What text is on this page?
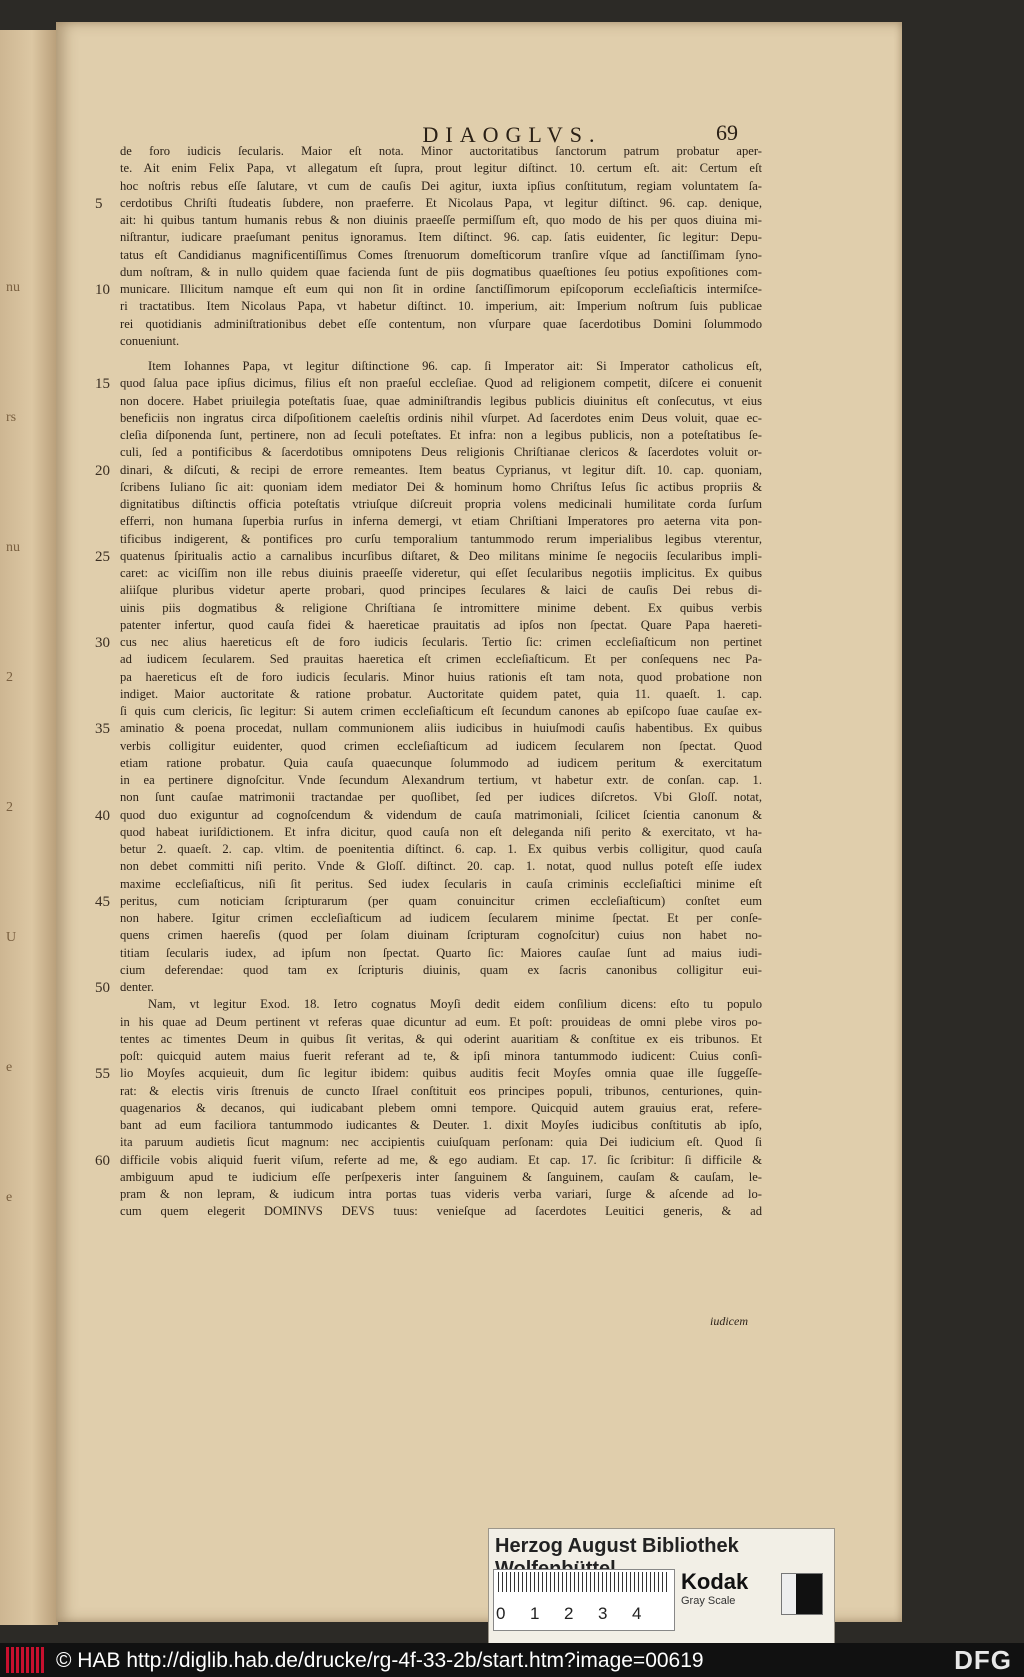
nu
rs
nu
2
2
U
e
e
DIAOGLVS.	69
de foro iudicis ſecularis. Maior eſt nota. Minor auctoritatibus ſanctorum patrum probatur aper-
te. Ait enim Felix Papa, vt allegatum eſt ſupra, prout legitur diſtinct. 10. certum eſt. ait: Certum eſt
hoc noſtris rebus eſſe ſalutare, vt cum de cauſis Dei agitur, iuxta ipſius conſtitutum, regiam voluntatem ſa-
cerdotibus Chriſti ſtudeatis ſubdere, non praeferre. Et Nicolaus Papa, vt legitur diſtinct. 96. cap. denique,
ait: hi quibus tantum humanis rebus & non diuinis praeeſſe permiſſum eſt, quo modo de his per quos diuina mi-
niſtrantur, iudicare praeſumant penitus ignoramus. Item diſtinct. 96. cap. ſatis euidenter, ſic legitur: Depu-
tatus eſt Candidianus magnificentiſſimus Comes ſtrenuorum domeſticorum tranſire vſque ad ſanctiſſimam ſyno-
dum noſtram, & in nullo quidem quae facienda ſunt de piis dogmatibus quaeſtiones ſeu potius expoſitiones com-
municare. Illicitum namque eſt eum qui non ſit in ordine ſanctiſſimorum epiſcoporum eccleſiaſticis intermiſce-
ri tractatibus. Item Nicolaus Papa, vt habetur diſtinct. 10. imperium, ait: Imperium noſtrum ſuis publicae
rei quotidianis adminiſtrationibus debet eſſe contentum, non vſurpare quae ſacerdotibus Domini ſolummodo
conueniunt.
Item Iohannes Papa, vt legitur diſtinctione 96. cap. ſi Imperator ait: Si Imperator catholicus eſt,
quod ſalua pace ipſius dicimus, filius eſt non praeſul eccleſiae. Quod ad religionem competit, diſcere ei conuenit
non docere. Habet priuilegia poteſtatis ſuae, quae adminiſtrandis legibus publicis diuinitus eſt conſecutus, vt eius
beneficiis non ingratus circa diſpoſitionem caeleſtis ordinis nihil vſurpet. Ad ſacerdotes enim Deus voluit, quae ec-
cleſia diſponenda ſunt, pertinere, non ad ſeculi poteſtates. Et infra: non a legibus publicis, non a poteſtatibus ſe-
culi, ſed a pontificibus & ſacerdotibus omnipotens Deus religionis Chriſtianae clericos & ſacerdotes voluit or-
dinari, & diſcuti, & recipi de errore remeantes. Item beatus Cyprianus, vt legitur diſt. 10. cap. quoniam,
ſcribens Iuliano ſic ait: quoniam idem mediator Dei & hominum homo Chriſtus Ieſus ſic actibus propriis &
dignitatibus diſtinctis officia poteſtatis vtriuſque diſcreuit propria volens medicinali humilitate corda ſurſum
efferri, non humana ſuperbia rurſus in inferna demergi, vt etiam Chriſtiani Imperatores pro aeterna vita pon-
tificibus indigerent, & pontifices pro curſu temporalium tantummodo rerum imperialibus legibus vterentur,
quatenus ſpiritualis actio a carnalibus incurſibus diſtaret, & Deo militans minime ſe negociis ſecularibus impli-
caret: ac viciſſim non ille rebus diuinis praeeſſe videretur, qui eſſet ſecularibus negotiis implicitus. Ex quibus
aliiſque pluribus videtur aperte probari, quod principes ſeculares & laici de cauſis Dei rebus di-
uinis piis dogmatibus & religione Chriſtiana ſe intromittere minime debent. Ex quibus verbis
patenter infertur, quod cauſa fidei & haereticae prauitatis ad ipſos non ſpectat. Quare Papa haereti-
cus nec alius haereticus eſt de foro iudicis ſecularis. Tertio ſic: crimen eccleſiaſticum non pertinet
ad iudicem ſecularem. Sed prauitas haeretica eſt crimen eccleſiaſticum. Et per conſequens nec Pa-
pa haereticus eſt de foro iudicis ſecularis. Minor huius rationis eſt tam nota, quod probatione non
indiget. Maior auctoritate & ratione probatur. Auctoritate quidem patet, quia 11. quaeſt. 1. cap.
ſi quis cum clericis, ſic legitur: Si autem crimen eccleſiaſticum eſt ſecundum canones ab epiſcopo ſuae cauſae ex-
aminatio & poena procedat, nullam communionem aliis iudicibus in huiuſmodi cauſis habentibus. Ex quibus
verbis colligitur euidenter, quod crimen eccleſiaſticum ad iudicem ſecularem non ſpectat. Quod
etiam ratione probatur. Quia cauſa quaecunque ſolummodo ad iudicem peritum & exercitatum
in ea pertinere dignoſcitur. Vnde ſecundum Alexandrum tertium, vt habetur extr. de conſan. cap. 1.
non ſunt cauſae matrimonii tractandae per quoſlibet, ſed per iudices diſcretos. Vbi Gloſſ. notat,
quod duo exiguntur ad cognoſcendum & videndum de cauſa matrimoniali, ſcilicet ſcientia canonum &
quod habeat iuriſdictionem. Et infra dicitur, quod cauſa non eſt deleganda niſi perito & exercitato, vt ha-
betur 2. quaeſt. 2. cap. vltim. de poenitentia diſtinct. 6. cap. 1. Ex quibus verbis colligitur, quod cauſa
non debet committi niſi perito. Vnde & Gloſſ. diſtinct. 20. cap. 1. notat, quod nullus poteſt eſſe iudex
maxime eccleſiaſticus, niſi ſit peritus. Sed iudex ſecularis in cauſa criminis eccleſiaſtici minime eſt
peritus, cum noticiam ſcripturarum (per quam conuincitur crimen eccleſiaſticum) conſtet eum
non habere. Igitur crimen eccleſiaſticum ad iudicem ſecularem minime ſpectat. Et per conſe-
quens crimen haereſis (quod per ſolam diuinam ſcripturam cognoſcitur) cuius non habet no-
titiam ſecularis iudex, ad ipſum non ſpectat. Quarto ſic: Maiores cauſae ſunt ad maius iudi-
cium deferendae: quod tam ex ſcripturis diuinis, quam ex ſacris canonibus colligitur eui-
denter.
Nam, vt legitur Exod. 18. Ietro cognatus Moyſi dedit eidem conſilium dicens: eſto tu populo
in his quae ad Deum pertinent vt referas quae dicuntur ad eum. Et poſt: prouideas de omni plebe viros po-
tentes ac timentes Deum in quibus ſit veritas, & qui oderint auaritiam & conſtitue ex eis tribunos. Et
poſt: quicquid autem maius fuerit referant ad te, & ipſi minora tantummodo iudicent: Cuius conſi-
lio Moyſes acquieuit, dum ſic legitur ibidem: quibus auditis fecit Moyſes omnia quae ille ſuggeſſe-
rat: & electis viris ſtrenuis de cuncto Iſrael conſtituit eos principes populi, tribunos, centuriones, quin-
quagenarios & decanos, qui iudicabant plebem omni tempore. Quicquid autem grauius erat, refere-
bant ad eum faciliora tantummodo iudicantes & Deuter. 1. dixit Moyſes iudicibus conſtitutis ab ipſo,
ita paruum audietis ſicut magnum: nec accipientis cuiuſquam perſonam: quia Dei iudicium eſt. Quod ſi
difficile vobis aliquid fuerit viſum, referte ad me, & ego audiam. Et cap. 17. ſic ſcribitur: ſi difficile &
ambiguum apud te iudicium eſſe perſpexeris inter ſanguinem & ſanguinem, cauſam & cauſam, le-
pram & non lepram, & iudicum intra portas tuas videris verba variari, ſurge & aſcende ad lo-
cum quem elegerit DOMINVS DEVS tuus: venieſque ad ſacerdotes Leuitici generis, & ad
5
10
15
20
25
30
35
40
45
50
55
60
iudicem
Herzog August Bibliothek
0 1 2 3 4
Kodak
Gray Scale
© HAB http://diglib.hab.de/drucke/rg-4f-33-2b/start.htm?image=00619	DFG
